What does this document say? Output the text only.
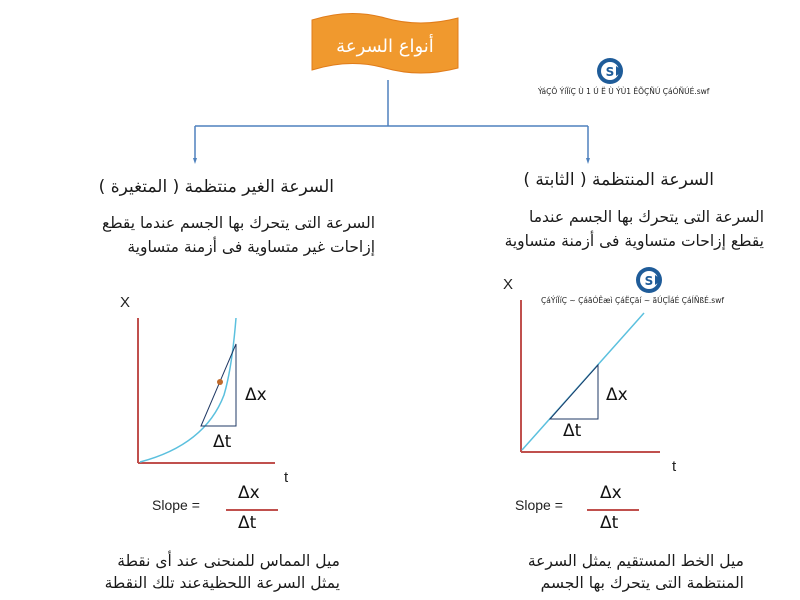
S
S
أنواع السرعة
ÝáÇÔ ÝíÏíÇ Ù 1 Ú Ë Ù ÝÙ1 ÊÕÇÑÚ ÇáÓÑÚÉ.swf
السرعة الغير منتظمة ( المتغيرة )	السرعة المنتظمة ( الثابتة )
السرعة التى يتحرك بها الجسم عندما يقطع
إزاحات غير متساوية فى أزمنة متساوية
السرعة التى يتحرك بها الجسم عندما
يقطع إزاحات متساوية فى أزمنة متساوية
X
t
Δx
Δt
X
t
Δx
Δt
ÇáÝíÏíÇ ~ ÇáãÓÊæì ÇáËÇäí ~ ãÚÇÏáÉ ÇáÍÑßÉ.swf
Slope =
Δx
Δt
Slope =
Δx
Δt
ميل المماس للمنحنى عند أى نقطة
يمثل السرعة اللحظيةعند تلك النقطة
ميل الخط المستقيم يمثل السرعة
المنتظمة التى يتحرك بها الجسم
